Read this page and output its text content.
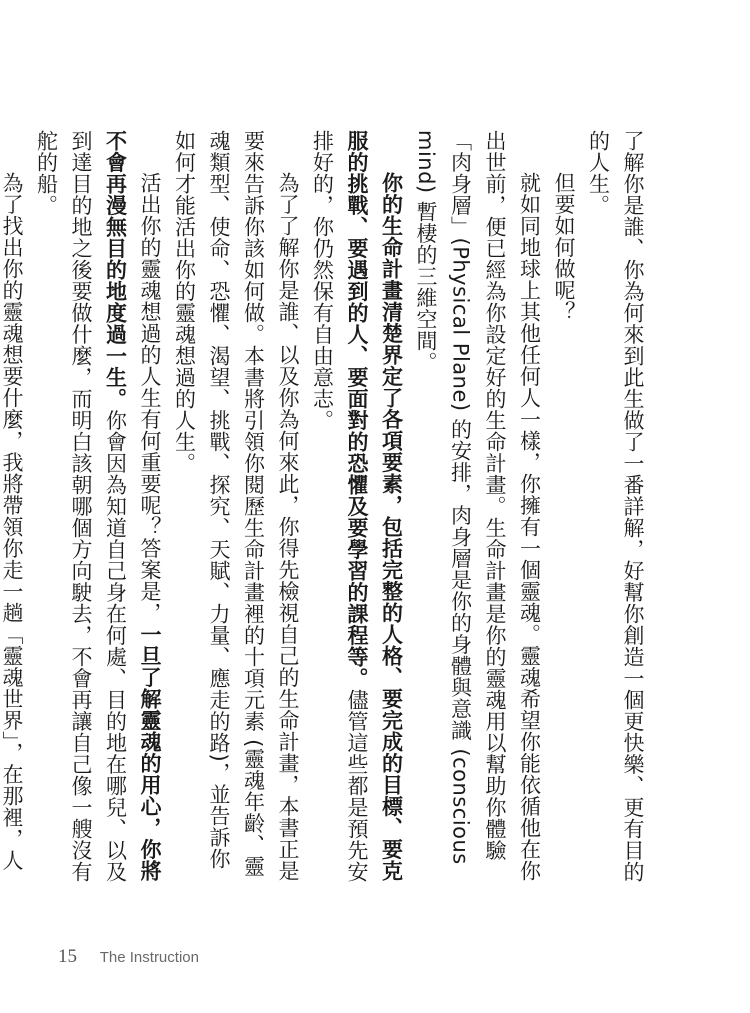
了解你是誰、你為何來到此生做了一番詳解，好幫你創造一個更快樂、更有目的的人生。

但要如何做呢？

就如同地球上其他任何人一樣，你擁有一個靈魂。靈魂希望你能依循他在你出世前，便已經為你設定好的生命計畫。生命計畫是你的靈魂用以幫助你體驗「肉身層」(Physical Plane) 的安排，肉身層是你的身體與意識 (conscious mind) 暫棲的三維空間。

你的生命計畫清楚界定了各項要素，包括完整的人格、要完成的目標、要克服的挑戰、要遇到的人、要面對的恐懼及要學習的課程等。儘管這些都是預先安排好的，你仍然保有自由意志。

為了了解你是誰、以及你為何來此，你得先檢視自己的生命計畫，本書正是要來告訴你該如何做。本書將引領你閱歷生命計畫裡的十項元素 (靈魂年齡、靈魂類型、使命、恐懼、渴望、挑戰、探究、天賦、力量、應走的路)，並告訴你如何才能活出你的靈魂想過的人生。

活出你的靈魂想過的人生有何重要呢？答案是，一旦了解靈魂的用心，你將不會再漫無目的地度過一生。你會因為知道自己身在何處、目的地在哪兒、以及到達目的地之後要做什麼，而明白該朝哪個方向駛去，不會再讓自己像一艘沒有舵的船。

為了找出你的靈魂想要什麼，我將帶領你走一趟「靈魂世界」，在那裡，人

15 The Instruction
